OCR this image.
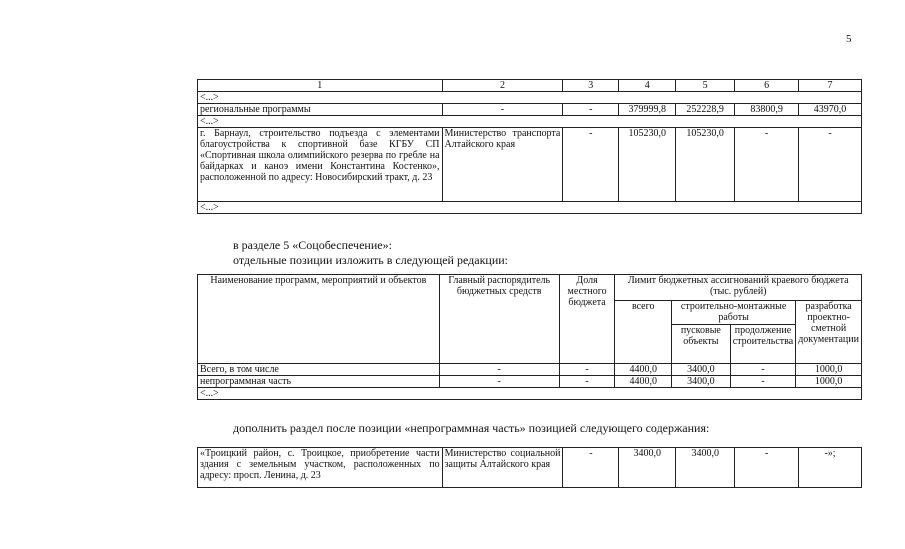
5
1	2	3	4	5	6	7
<...>						
региональные программы	-	-	379999,8	252228,9	83800,9	43970,0
<...>						
г. Барнаул, строительство подъезда с элементами благоустройства к спортивной базе КГБУ СП «Спортивная школа олимпийского резерва по гребле на байдарках и каноэ имени Константина Костенко», расположенной по адресу: Новосибирский тракт, д. 23	Министерство транспорта Алтайского края	-	105230,0	105230,0	-	-
<...>						
в разделе 5 «Соцобеспечение»:
отдельные позиции изложить в следующей редакции:
Наименование программ, мероприятий и объектов	Главный распорядитель бюджетных средств	Доля местного бюджета	Лимит бюджетных ассигнований краевого бюджета (тыс. рублей)			
			всего	строительно-монтажные работы		разработка проектно-сметной документации
				пусковые объекты	продолжение строительства	
Всего, в том числе	-	-	4400,0	3400,0	-	1000,0
непрограммная часть	-	-	4400,0	3400,0	-	1000,0
<...>						
дополнить раздел после позиции «непрограммная часть» позицией следующего содержания:
«Троицкий район, с. Троицкое, приобретение части здания с земельным участком, расположенных по адресу: просп. Ленина, д. 23	Министерство социальной защиты Алтайского края	-	3400,0	3400,0	-	-»;
